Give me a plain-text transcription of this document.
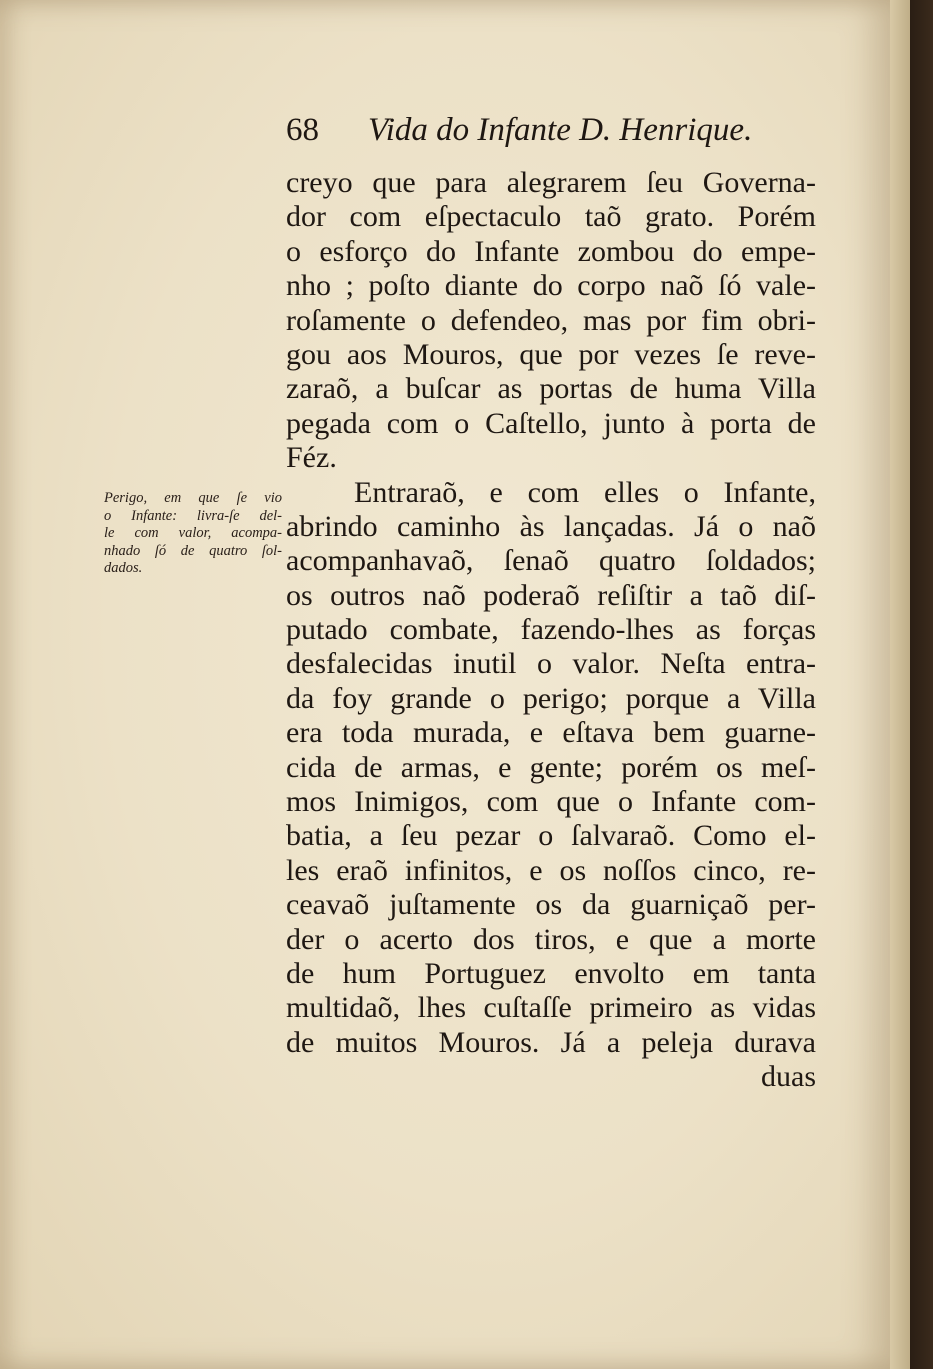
68 Vida do Infante D. Henrique.
Perigo, em que ſe vio
o Infante: livra-ſe del-
le com valor, acompa-
nhado ſó de quatro ſol-
dados.
creyo que para alegrarem ſeu Governa-
dor com eſpectaculo taõ grato. Porém
o esforço do Infante zombou do empe-
nho ; poſto diante do corpo naõ ſó vale-
roſamente o defendeo, mas por fim obri-
gou aos Mouros, que por vezes ſe reve-
zaraõ, a buſcar as portas de huma Villa
pegada com o Caſtello, junto à porta de
Féz.
Entraraõ, e com elles o Infante,
abrindo caminho às lançadas. Já o naõ
acompanhavaõ, ſenaõ quatro ſoldados;
os outros naõ poderaõ reſiſtir a taõ diſ-
putado combate, fazendo-lhes as forças
desfalecidas inutil o valor. Neſta entra-
da foy grande o perigo; porque a Villa
era toda murada, e eſtava bem guarne-
cida de armas, e gente; porém os meſ-
mos Inimigos, com que o Infante com-
batia, a ſeu pezar o ſalvaraõ. Como el-
les eraõ infinitos, e os noſſos cinco, re-
ceavaõ juſtamente os da guarniçaõ per-
der o acerto dos tiros, e que a morte
de hum Portuguez envolto em tanta
multidaõ, lhes cuſtaſſe primeiro as vidas
de muitos Mouros. Já a peleja durava
duas
